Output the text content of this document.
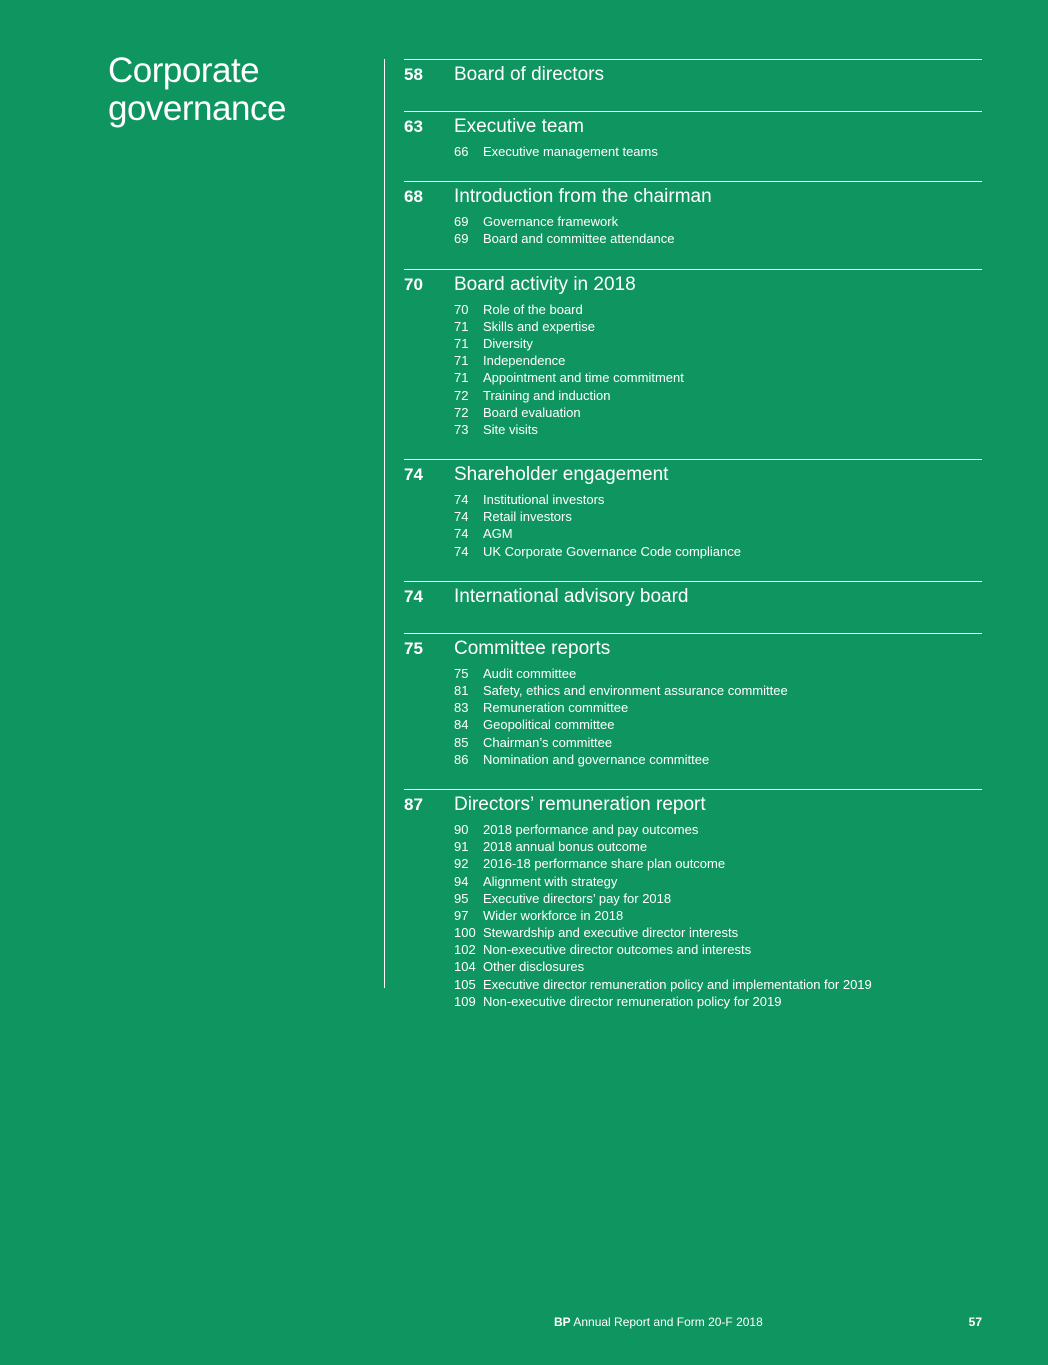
Corporate
governance
58	Board of directors
63	Executive team
66	Executive management teams
68	Introduction from the chairman
69	Governance framework
69	Board and committee attendance
70	Board activity in 2018
70	Role of the board
71	Skills and expertise
71	Diversity
71	Independence
71	Appointment and time commitment
72	Training and induction
72	Board evaluation
73	Site visits
74	Shareholder engagement
74	Institutional investors
74	Retail investors
74	AGM
74	UK Corporate Governance Code compliance
74	International advisory board
75	Committee reports
75	Audit committee
81	Safety, ethics and environment assurance committee
83	Remuneration committee
84	Geopolitical committee
85	Chairman’s committee
86	Nomination and governance committee
87	Directors’ remuneration report
90	2018 performance and pay outcomes
91	2018 annual bonus outcome
92	2016-18 performance share plan outcome
94	Alignment with strategy
95	Executive directors’ pay for 2018
97	Wider workforce in 2018
100 Stewardship and executive director interests
102 Non-executive director outcomes and interests
104 Other disclosures
105 Executive director remuneration policy and implementation for 2019
109 Non-executive director remuneration policy for 2019
BP Annual Report and Form 20-F 2018	57
